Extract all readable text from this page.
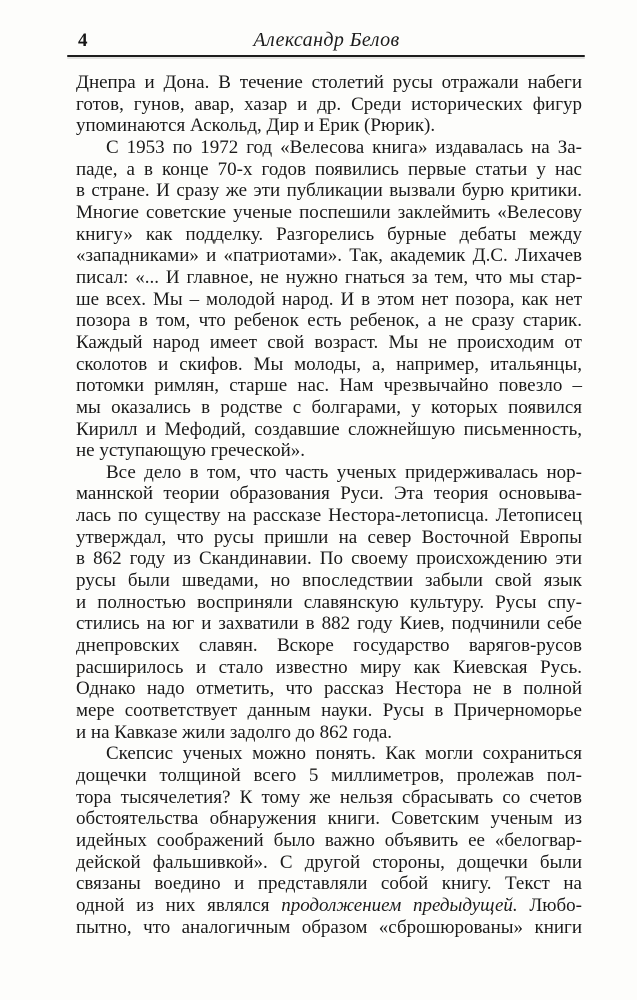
4	Александр Белов
Днепра и Дона. В течение столетий русы отражали набеги
готов, гунов, авар, хазар и др. Среди исторических фигур
упоминаются Аскольд, Дир и Ерик (Рюрик).
С 1953 по 1972 год «Велесова книга» издавалась на За-
паде, а в конце 70-х годов появились первые статьи у нас
в стране. И сразу же эти публикации вызвали бурю критики.
Многие советские ученые поспешили заклеймить «Велесову
книгу» как подделку. Разгорелись бурные дебаты между
«западниками» и «патриотами». Так, академик Д.С. Лихачев
писал: «... И главное, не нужно гнаться за тем, что мы стар-
ше всех. Мы – молодой народ. И в этом нет позора, как нет
позора в том, что ребенок есть ребенок, а не сразу старик.
Каждый народ имеет свой возраст. Мы не происходим от
сколотов и скифов. Мы молоды, а, например, итальянцы,
потомки римлян, старше нас. Нам чрезвычайно повезло –
мы оказались в родстве с болгарами, у которых появился
Кирилл и Мефодий, создавшие сложнейшую письменность,
не уступающую греческой».
Все дело в том, что часть ученых придерживалась нор-
маннской теории образования Руси. Эта теория основыва-
лась по существу на рассказе Нестора-летописца. Летописец
утверждал, что русы пришли на север Восточной Европы
в 862 году из Скандинавии. По своему происхождению эти
русы были шведами, но впоследствии забыли свой язык
и полностью восприняли славянскую культуру. Русы спу-
стились на юг и захватили в 882 году Киев, подчинили себе
днепровских славян. Вскоре государство варягов-русов
расширилось и стало известно миру как Киевская Русь.
Однако надо отметить, что рассказ Нестора не в полной
мере соответствует данным науки. Русы в Причерноморье
и на Кавказе жили задолго до 862 года.
Скепсис ученых можно понять. Как могли сохраниться
дощечки толщиной всего 5 миллиметров, пролежав пол-
тора тысячелетия? К тому же нельзя сбрасывать со счетов
обстоятельства обнаружения книги. Советским ученым из
идейных соображений было важно объявить ее «белогвар-
дейской фальшивкой». С другой стороны, дощечки были
связаны воедино и представляли собой книгу. Текст на
одной из них являлся продолжением предыдущей. Любо-
пытно, что аналогичным образом «сброшюрованы» книги
